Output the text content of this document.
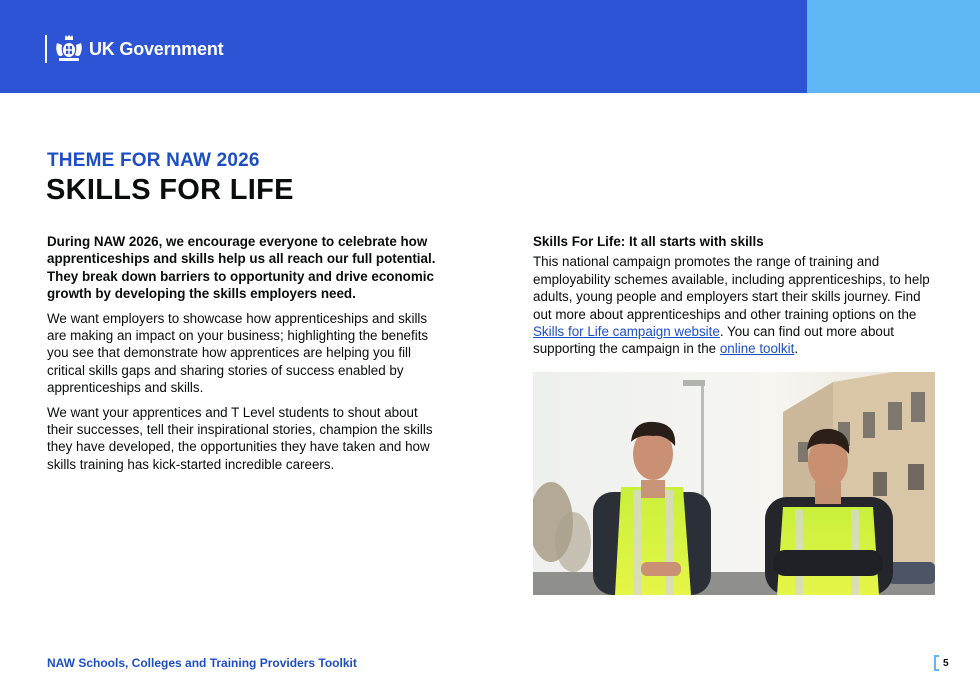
UK Government
THEME FOR NAW 2026
SKILLS FOR LIFE

During NAW 2026, we encourage everyone to celebrate how apprenticeships and skills help us all reach our full potential. They break down barriers to opportunity and drive economic growth by developing the skills employers need.

We want employers to showcase how apprenticeships and skills are making an impact on your business; highlighting the benefits you see that demonstrate how apprentices are helping you fill critical skills gaps and sharing stories of success enabled by apprenticeships and skills.

We want your apprentices and T Level students to shout about their successes, tell their inspirational stories, champion the skills they have developed, the opportunities they have taken and how skills training has kick-started incredible careers.

Skills For Life: It all starts with skills

This national campaign promotes the range of training and employability schemes available, including apprenticeships, to help adults, young people and employers start their skills journey. Find out more about apprenticeships and other training options on the Skills for Life campaign website. You can find out more about supporting the campaign in the online toolkit.

NAW Schools, Colleges and Training Providers Toolkit	5
